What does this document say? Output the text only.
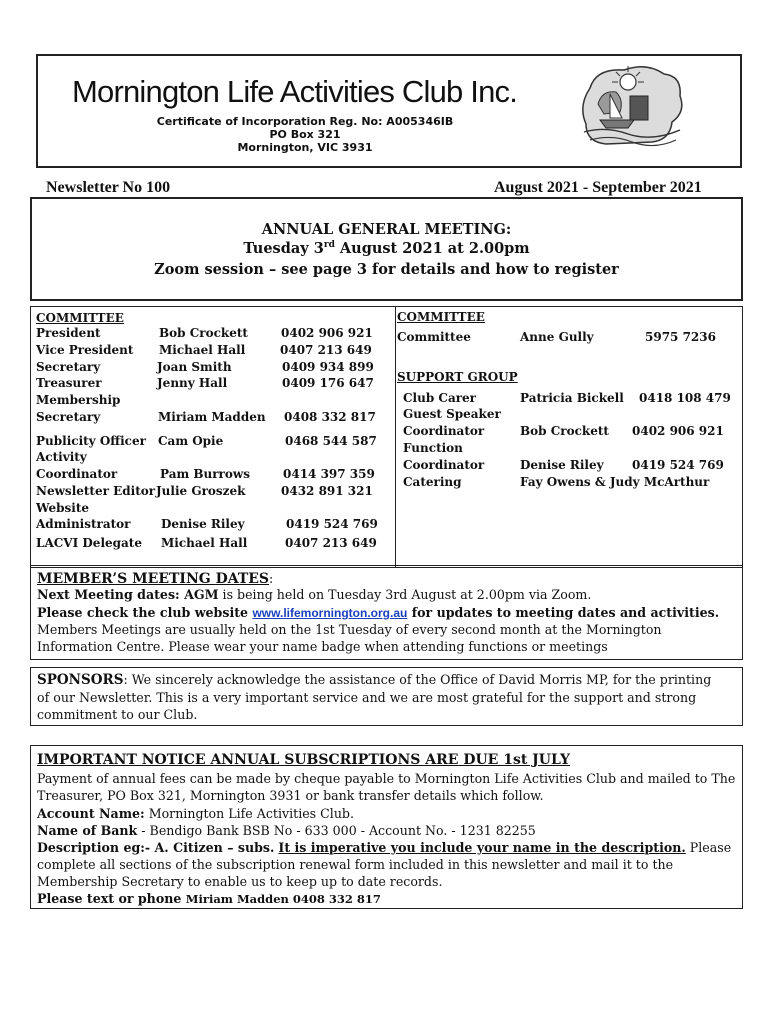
Mornington Life Activities Club Inc.
Certificate of Incorporation Reg. No: A005346IB
PO Box 321
Mornington, VIC 3931
Newsletter No 100	August 2021 - September 2021
ANNUAL GENERAL MEETING:
Tuesday 3rd August 2021 at 2.00pm
Zoom session – see page 3 for details and how to register
COMMITTEE
President	Bob Crockett	0402 906 921
Vice President Michael Hall	0407 213 649
Secretary	Joan Smith	0409 934 899
Treasurer	Jenny Hall	0409 176 647
Membership
Secretary	Miriam Madden 0408 332 817
Publicity Officer Cam Opie	0468 544 587
Activity
Coordinator	Pam Burrows	0414 397 359
Newsletter Editor Julie Groszek	0432 891 321
Website
Administrator	Denise Riley	0419 524 769
LACVI Delegate Michael Hall	0407 213 649
COMMITTEE
Committee	Anne Gully	5975 7236
SUPPORT GROUP
Club Carer	Patricia Bickell 0418 108 479
Guest Speaker
Coordinator	Bob Crockett 0402 906 921
Function
Coordinator	Denise Riley 0419 524 769
Catering	Fay Owens & Judy McArthur
MEMBER’S MEETING DATES:
Next Meeting dates: AGM is being held on Tuesday 3rd August at 2.00pm via Zoom.
Please check the club website www.lifemornington.org.au for updates to meeting dates and activities.
Members Meetings are usually held on the 1st Tuesday of every second month at the Mornington Information Centre. Please wear your name badge when attending functions or meetings
SPONSORS: We sincerely acknowledge the assistance of the Office of David Morris MP, for the printing of our Newsletter. This is a very important service and we are most grateful for the support and strong commitment to our Club.
IMPORTANT NOTICE ANNUAL SUBSCRIPTIONS ARE DUE 1st JULY
Payment of annual fees can be made by cheque payable to Mornington Life Activities Club and mailed to The Treasurer, PO Box 321, Mornington 3931 or bank transfer details which follow.
Account Name: Mornington Life Activities Club.
Name of Bank - Bendigo Bank BSB No - 633 000 - Account No. - 1231 82255
Description eg:- A. Citizen – subs. It is imperative you include your name in the description. Please complete all sections of the subscription renewal form included in this newsletter and mail it to the Membership Secretary to enable us to keep up to date records.
Please text or phone Miriam Madden 0408 332 817
